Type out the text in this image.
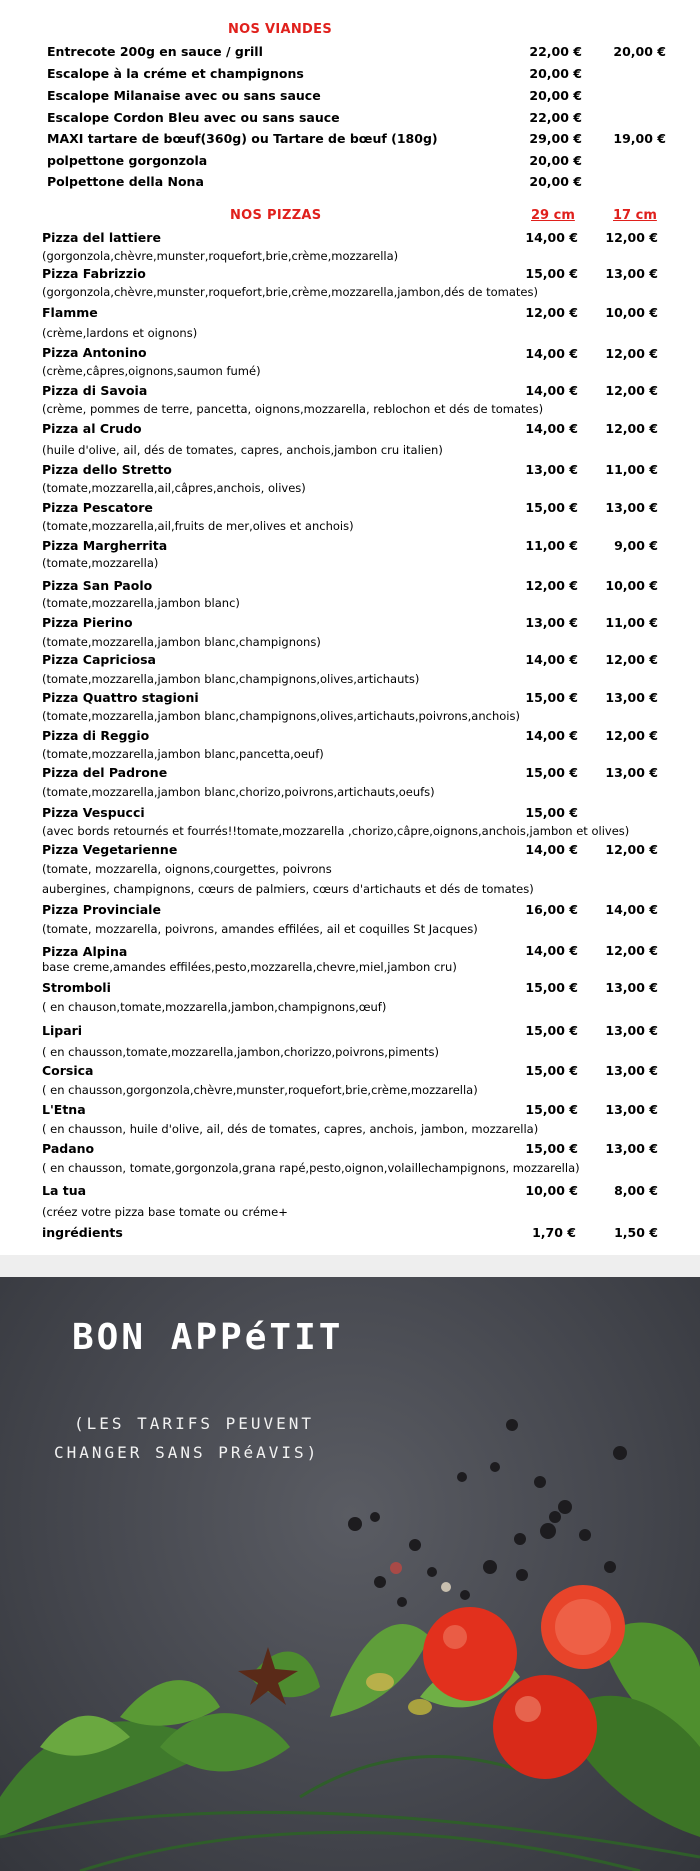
NOS VIANDES
Entrecote 200g en sauce / grill	22,00 €	20,00 €
Escalope à la créme et champignons	20,00 €
Escalope Milanaise avec ou sans sauce	20,00 €
Escalope Cordon Bleu avec ou sans sauce	22,00 €
MAXI tartare de bœuf(360g) ou Tartare de bœuf (180g)	29,00 €	19,00 €
polpettone gorgonzola	20,00 €
Polpettone della Nona	20,00 €
NOS PIZZAS	29 cm	17 cm
Pizza del lattiere	14,00 €	12,00 €
(gorgonzola,chèvre,munster,roquefort,brie,crème,mozzarella)
Pizza Fabrizzio	15,00 €	13,00 €
(gorgonzola,chèvre,munster,roquefort,brie,crème,mozzarella,jambon,dés de tomates)
Flamme	12,00 €	10,00 €
(crème,lardons et oignons)
Pizza Antonino	14,00 €	12,00 €
(crème,câpres,oignons,saumon fumé)
Pizza di Savoia	14,00 €	12,00 €
(crème, pommes de terre, pancetta, oignons,mozzarella, reblochon et dés de tomates)
Pizza al Crudo	14,00 €	12,00 €
(huile d'olive, ail, dés de tomates, capres, anchois,jambon cru italien)
Pizza dello Stretto	13,00 €	11,00 €
(tomate,mozzarella,ail,câpres,anchois, olives)
Pizza Pescatore	15,00 €	13,00 €
(tomate,mozzarella,ail,fruits de mer,olives et anchois)
Pizza Margherrita	11,00 €	9,00 €
(tomate,mozzarella)
Pizza San Paolo	12,00 €	10,00 €
(tomate,mozzarella,jambon blanc)
Pizza Pierino	13,00 €	11,00 €
(tomate,mozzarella,jambon blanc,champignons)
Pizza Capriciosa	14,00 €	12,00 €
(tomate,mozzarella,jambon blanc,champignons,olives,artichauts)
Pizza Quattro stagioni	15,00 €	13,00 €
(tomate,mozzarella,jambon blanc,champignons,olives,artichauts,poivrons,anchois)
Pizza di Reggio	14,00 €	12,00 €
(tomate,mozzarella,jambon blanc,pancetta,oeuf)
Pizza del Padrone	15,00 €	13,00 €
(tomate,mozzarella,jambon blanc,chorizo,poivrons,artichauts,oeufs)
Pizza Vespucci	15,00 €
(avec bords retournés et fourrés!!tomate,mozzarella ,chorizo,câpre,oignons,anchois,jambon et olives)
Pizza Vegetarienne	14,00 €	12,00 €
(tomate, mozzarella, oignons,courgettes, poivrons
aubergines, champignons, cœurs de palmiers, cœurs d'artichauts et dés de tomates)
Pizza Provinciale	16,00 €	14,00 €
(tomate, mozzarella, poivrons, amandes effilées, ail et coquilles St Jacques)
Pizza Alpina	14,00 €	12,00 €
base creme,amandes effilées,pesto,mozzarella,chevre,miel,jambon cru)
Stromboli	15,00 €	13,00 €
( en chauson,tomate,mozzarella,jambon,champignons,œuf)
Lipari	15,00 €	13,00 €
( en chausson,tomate,mozzarella,jambon,chorizzo,poivrons,piments)
Corsica	15,00 €	13,00 €
( en chausson,gorgonzola,chèvre,munster,roquefort,brie,crème,mozzarella)
L'Etna	15,00 €	13,00 €
( en chausson, huile d'olive, ail, dés de tomates, capres, anchois, jambon, mozzarella)
Padano	15,00 €	13,00 €
( en chausson, tomate,gorgonzola,grana rapé,pesto,oignon,volaillechampignons, mozzarella)
La tua	10,00 €	8,00 €
(créez votre pizza base tomate ou créme+
ingrédients	1,70 €	1,50 €
BON APPéTIT
(LES TARIFS PEUVENT
CHANGER SANS PRéAVIS)
